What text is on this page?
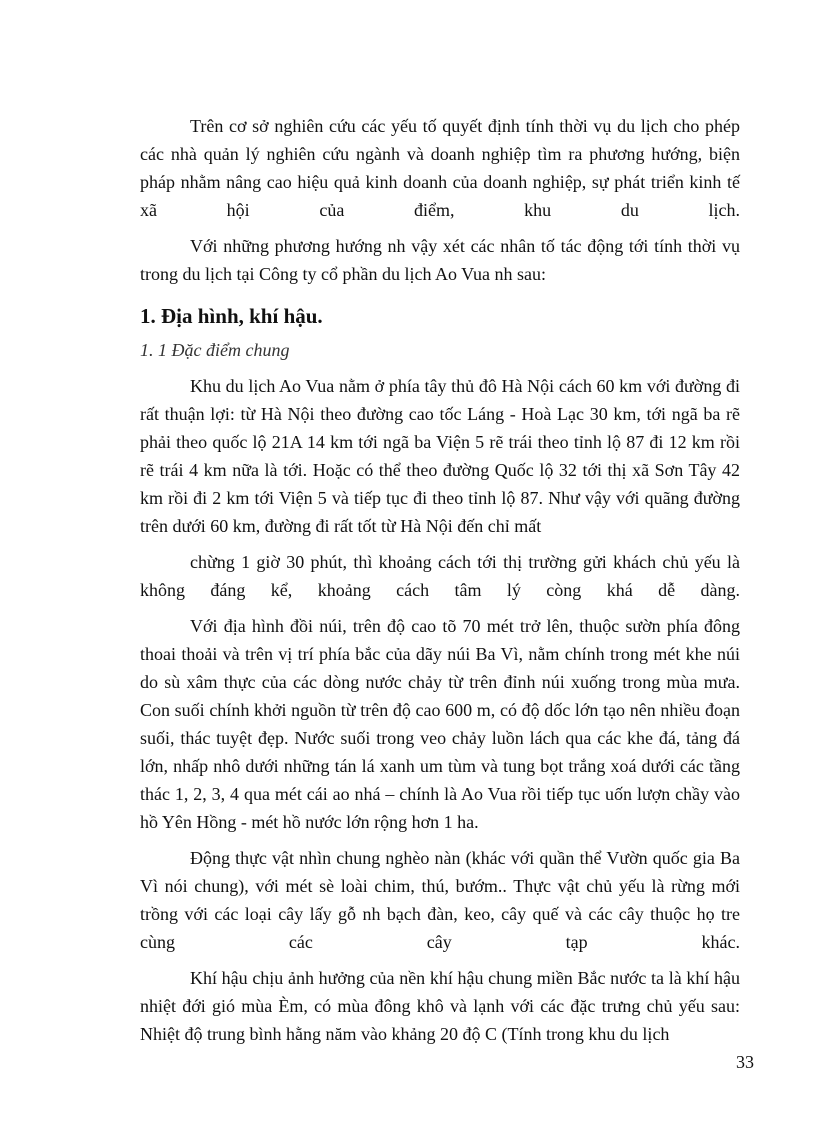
Trên cơ sở nghiên cứu các yếu tố quyết định tính thời vụ du lịch cho phép các nhà quản lý nghiên cứu ngành và doanh nghiệp tìm ra phương hướng, biện pháp nhằm nâng cao hiệu quả kinh doanh của doanh nghiệp, sự phát triển kinh tế xã hội của điểm, khu du lịch.

Với những phương hướng nh vậy xét các nhân tố tác động tới tính thời vụ trong du lịch tại Công ty cổ phần du lịch Ao Vua nh sau:

1. Địa hình, khí hậu.
1. 1 Đặc điểm chung

Khu du lịch Ao Vua nằm ở phía tây thủ đô Hà Nội cách 60 km với đường đi rất thuận lợi: từ Hà Nội theo đường cao tốc Láng - Hoà Lạc 30 km, tới ngã ba rẽ phải theo quốc lộ 21A 14 km tới ngã ba Viện 5 rẽ trái theo tỉnh lộ 87 đi 12 km rồi rẽ trái 4 km nữa là tới. Hoặc có thể theo đường Quốc lộ 32 tới thị xã Sơn Tây 42 km rồi đi 2 km tới Viện 5 và tiếp tục đi theo tỉnh lộ 87. Như vậy với quãng đường trên dưới 60 km, đường đi rất tốt từ Hà Nội đến chỉ mất

chừng 1 giờ 30 phút, thì khoảng cách tới thị trường gửi khách chủ yếu là không đáng kể, khoảng cách tâm lý còng khá dễ dàng.

Với địa hình đồi núi, trên độ cao tõ 70 mét trở lên, thuộc sườn phía đông thoai thoải và trên vị trí phía bắc của dãy núi Ba Vì, nằm chính trong mét khe núi do sù xâm thực của các dòng nước chảy từ trên đỉnh núi xuống trong mùa mưa. Con suối chính khởi nguồn từ trên độ cao 600 m, có độ dốc lớn tạo nên nhiều đoạn suối, thác tuyệt đẹp. Nước suối trong veo chảy luồn lách qua các khe đá, tảng đá lớn, nhấp nhô dưới những tán lá xanh um tùm và tung bọt trắng xoá dưới các tầng thác 1, 2, 3, 4 qua mét cái ao nhá – chính là Ao Vua rồi tiếp tục uốn lượn chầy vào hồ Yên Hồng - mét hồ nước lớn rộng hơn 1 ha.

Động thực vật nhìn chung nghèo nàn (khác với quần thể Vườn quốc gia Ba Vì nói chung), với mét sè loài chim, thú, bướm.. Thực vật chủ yếu là rừng mới trồng với các loại cây lấy gỗ nh bạch đàn, keo, cây quế và các cây thuộc họ tre cùng các cây tạp khác.

Khí hậu chịu ảnh hưởng của nền khí hậu chung miền Bắc nước ta là khí hậu nhiệt đới gió mùa Èm, có mùa đông khô và lạnh với các đặc trưng chủ yếu sau: Nhiệt độ trung bình hằng năm vào khảng 20 độ C (Tính trong khu du lịch

33
